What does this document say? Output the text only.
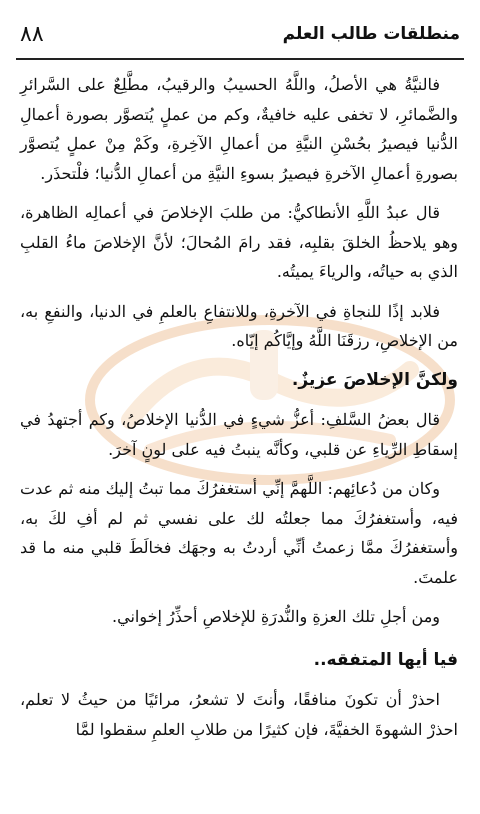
٨٨	منطلقات طالب العلم

فالنيَّةُ هي الأصلُ، واللَّهُ الحسيبُ والرقيبُ، مطَّلِعٌ على السَّرائرِ والضَّمائرِ، لا تخفى عليه خافيةٌ، وكم من عملٍ يُتصوَّر بصورة أعمالِ الدُّنيا فيصيرُ بحُسْنِ النيَّةِ من أعمالِ الآخِرةِ، وكَمْ مِنْ عملٍ يُتصوَّر بصورةِ أعمالِ الآخرةِ فيصيرُ بسوءِ النيَّةِ من أعمالِ الدُّنيا؛ فلْتحذَر.

قال عبدُ اللَّهِ الأنطاكيُّ: من طلبَ الإخلاصَ في أعمالِه الظاهرة، وهو يلاحظُ الخلقَ بقلبِه، فقد رامَ المُحالَ؛ لأنَّ الإخلاصَ ماءُ القلبِ الذي به حياتُه، والرياءَ يميتُه.

فلابد إذًا للنجاةِ في الآخرةِ، وللانتفاعِ بالعلمِ في الدنيا، والنفعِ به، من الإخلاصِ، رزقَنَا اللَّهُ وإيَّاكُم إيّاه.

ولكنَّ الإخلاصَ عزيزٌ.

قال بعضُ السَّلفِ: أعزُّ شيءٍ في الدُّنيا الإخلاصُ، وكم أجتهدُ في إسقاطِ الرِّياءِ عن قلبي، وكأنَّه ينبتُ فيه على لونٍ آخرَ.

وكان من دُعائِهم: اللَّهمَّ إنِّي أستغفرُكَ مما تبتُ إليك منه ثم عدت فيه، وأستغفرُكَ مما جعلتُه لك على نفسي ثم لم أفِ لكَ به، وأستغفرُكَ ممَّا زعمتُ أنِّي أردتُ به وجهَك فخالَطَ قلبي منه ما قد علمتَ.

ومن أجلِ تلك العزةِ والنُّدرَةِ للإخلاصِ أحذِّرُ إخواني.

فيا أيها المتفقه..

احذرْ أن تكونَ منافقًا، وأنتَ لا تشعرُ، مرائيًا من حيثُ لا تعلم، احذرْ الشهوةَ الخفيَّةَ، فإن كثيرًا من طلابِ العلمِ سقطوا لمَّا
